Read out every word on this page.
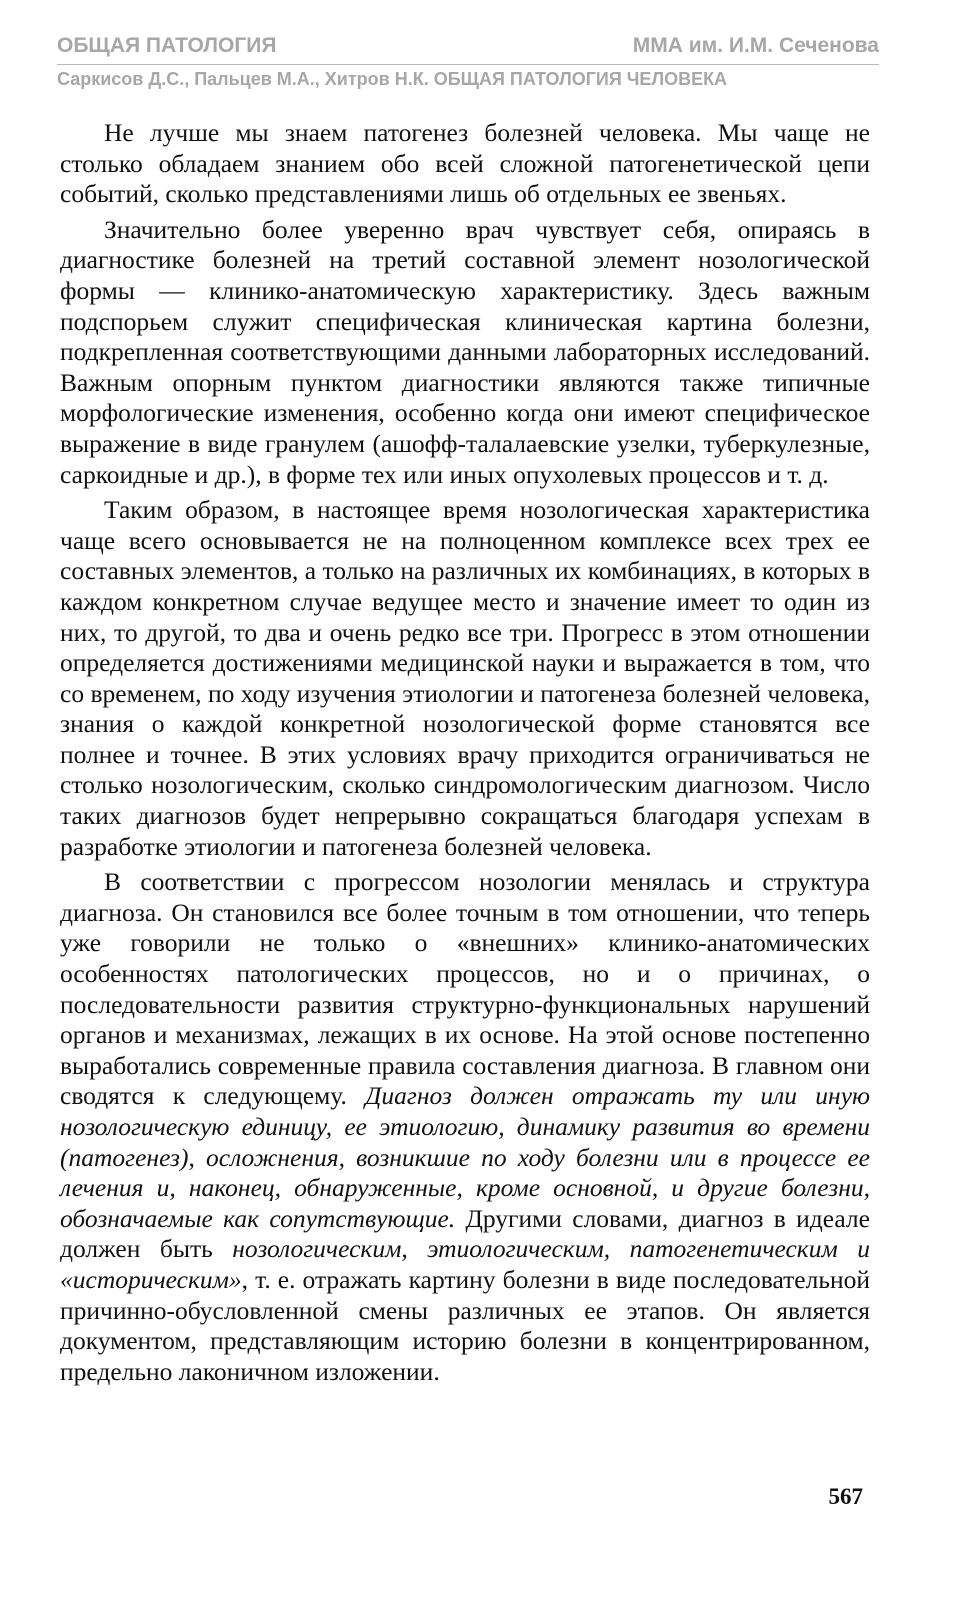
ОБЩАЯ ПАТОЛОГИЯ	ММА им. И.М. Сеченова
Саркисов Д.С., Пальцев М.А., Хитров Н.К. ОБЩАЯ ПАТОЛОГИЯ ЧЕЛОВЕКА

Не лучше мы знаем патогенез болезней человека. Мы чаще не столько обладаем знанием обо всей сложной патогенетической цепи событий, сколько представлениями лишь об отдельных ее звеньях.

Значительно более уверенно врач чувствует себя, опираясь в диагностике болезней на третий составной элемент нозологической формы — клинико-анатомическую характеристику. Здесь важным подспорьем служит специфическая клиническая картина болезни, подкрепленная соответствующими данными лабораторных исследований. Важным опорным пунктом диагностики являются также типичные морфологические изменения, особенно когда они имеют специфическое выражение в виде гранулем (ашофф-талалаевские узелки, туберкулезные, саркоидные и др.), в форме тех или иных опухолевых процессов и т. д.

Таким образом, в настоящее время нозологическая характеристика чаще всего основывается не на полноценном комплексе всех трех ее составных элементов, а только на различных их комбинациях, в которых в каждом конкретном случае ведущее место и значение имеет то один из них, то другой, то два и очень редко все три. Прогресс в этом отношении определяется достижениями медицинской науки и выражается в том, что со временем, по ходу изучения этиологии и патогенеза болезней человека, знания о каждой конкретной нозологической форме становятся все полнее и точнее. В этих условиях врачу приходится ограничиваться не столько нозологическим, сколько синдромологическим диагнозом. Число таких диагнозов будет непрерывно сокращаться благодаря успехам в разработке этиологии и патогенеза болезней человека.

В соответствии с прогрессом нозологии менялась и структура диагноза. Он становился все более точным в том отношении, что теперь уже говорили не только о «внешних» клинико-анатомических особенностях патологических процессов, но и о причинах, о последовательности развития структурно-функциональных нарушений органов и механизмах, лежащих в их основе. На этой основе постепенно выработались современные правила составления диагноза. В главном они сводятся к следующему. Диагноз должен отражать ту или иную нозологическую единицу, ее этиологию, динамику развития во времени (патогенез), осложнения, возникшие по ходу болезни или в процессе ее лечения и, наконец, обнаруженные, кроме основной, и другие болезни, обозначаемые как сопутствующие. Другими словами, диагноз в идеале должен быть нозологическим, этиологическим, патогенетическим и «историческим», т. е. отражать картину болезни в виде последовательной причинно-обусловленной смены различных ее этапов. Он является документом, представляющим историю болезни в концентрированном, предельно лаконичном изложении.

567
